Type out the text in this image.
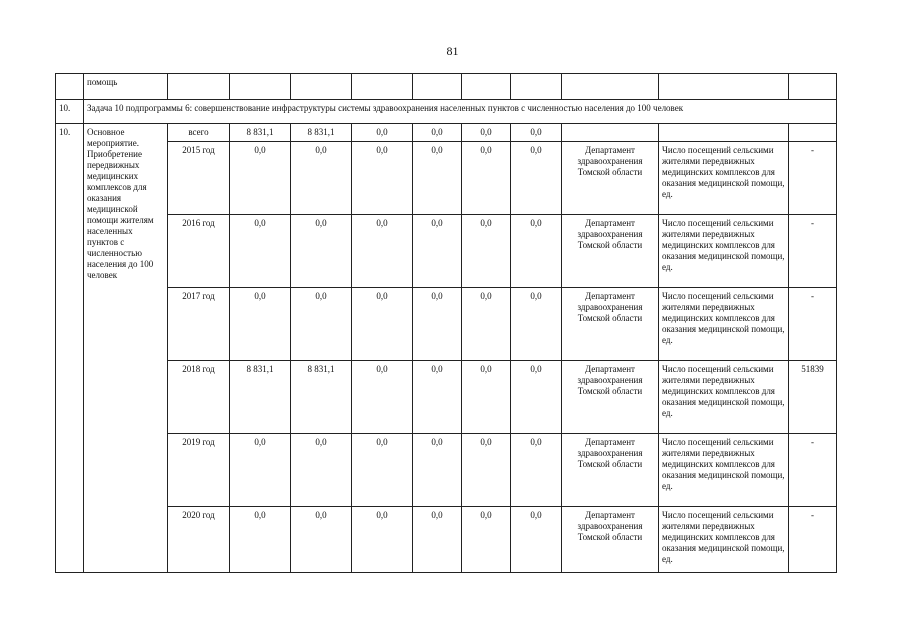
81
	помощь										
10.	Задача 10 подпрограммы 6: совершенствование инфраструктуры системы здравоохранения населенных пунктов с численностью населения до 100 человек										
10.	Основное мероприятие. Приобретение передвижных медицинских комплексов для оказания медицинской помощи жителям населенных пунктов с численностью населения до 100 человек	всего	8 831,1	8 831,1	0,0	0,0	0,0	0,0			
		2015 год	0,0	0,0	0,0	0,0	0,0	0,0	Департамент здравоохранения Томской области	Число посещений сельскими жителями передвижных медицинских комплексов для оказания медицинской помощи, ед.	-
		2016 год	0,0	0,0	0,0	0,0	0,0	0,0	Департамент здравоохранения Томской области	Число посещений сельскими жителями передвижных медицинских комплексов для оказания медицинской помощи, ед.	-
		2017 год	0,0	0,0	0,0	0,0	0,0	0,0	Департамент здравоохранения Томской области	Число посещений сельскими жителями передвижных медицинских комплексов для оказания медицинской помощи, ед.	-
		2018 год	8 831,1	8 831,1	0,0	0,0	0,0	0,0	Департамент здравоохранения Томской области	Число посещений сельскими жителями передвижных медицинских комплексов для оказания медицинской помощи, ед.	51839
		2019 год	0,0	0,0	0,0	0,0	0,0	0,0	Департамент здравоохранения Томской области	Число посещений сельскими жителями передвижных медицинских комплексов для оказания медицинской помощи, ед.	-
		2020 год	0,0	0,0	0,0	0,0	0,0	0,0	Департамент здравоохранения Томской области	Число посещений сельскими жителями передвижных медицинских комплексов для оказания медицинской помощи, ед.	-
